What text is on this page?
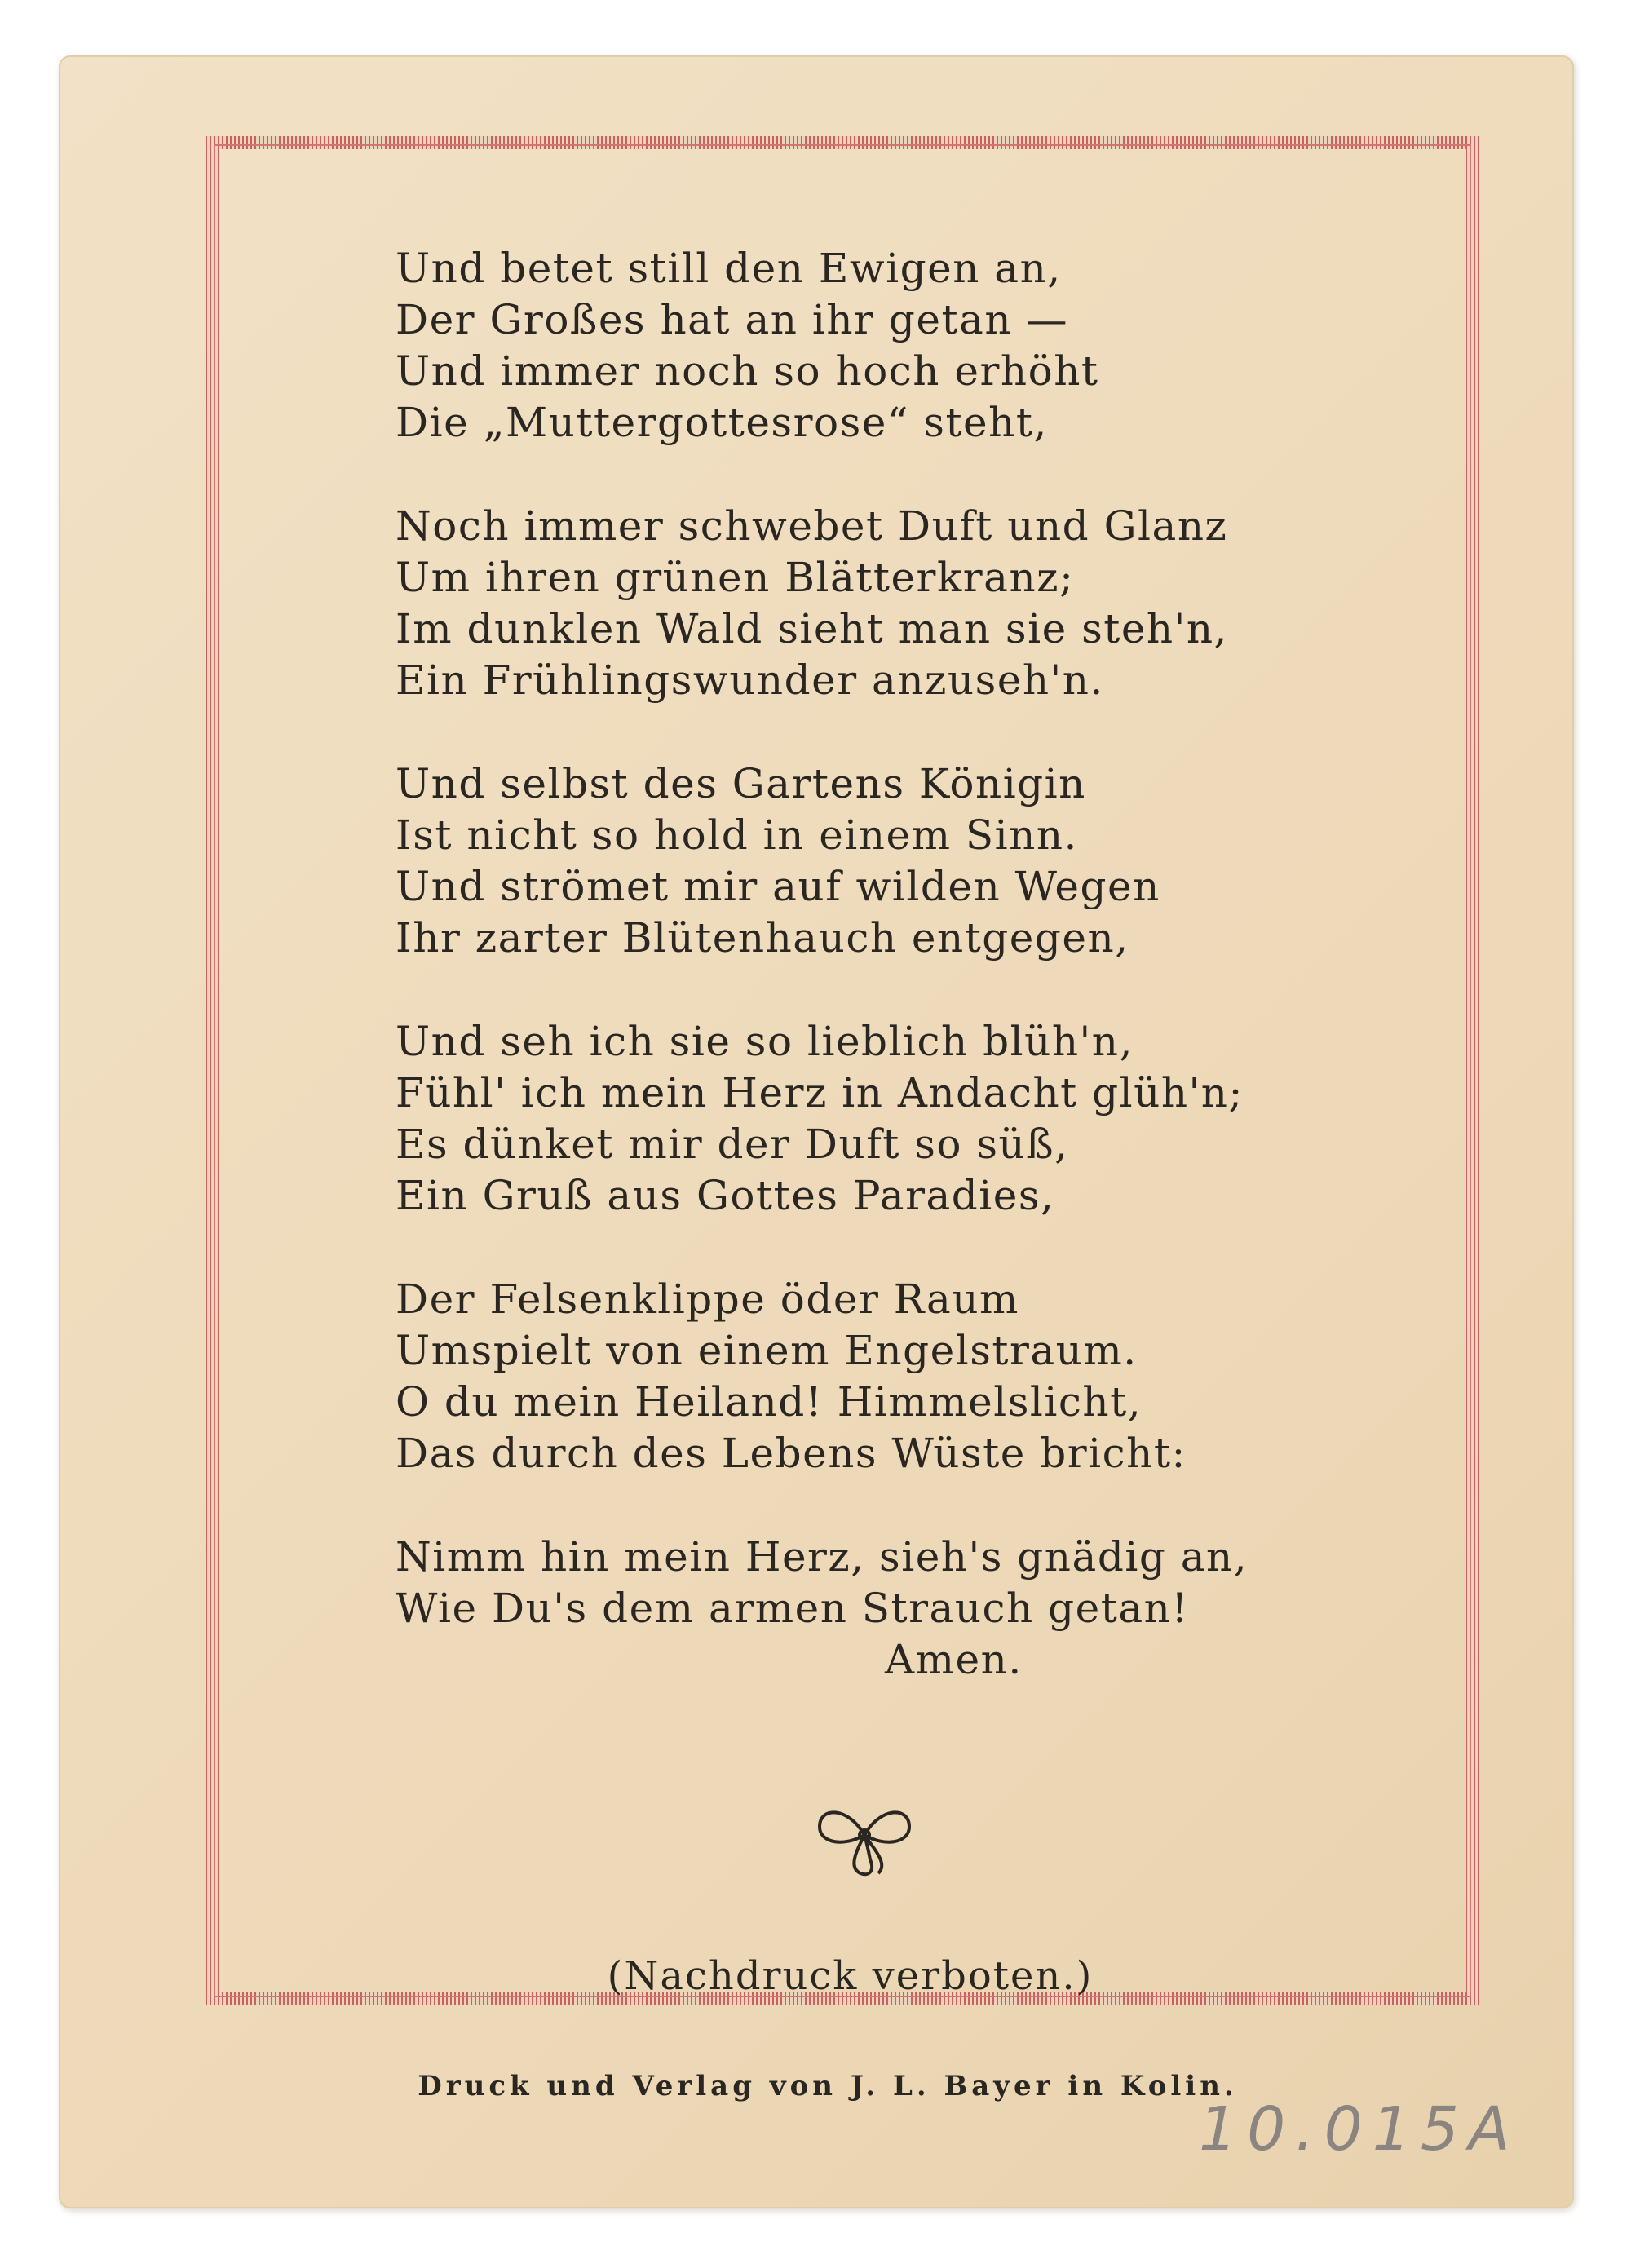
Und betet still den Ewigen an,
Der Großes hat an ihr getan —
Und immer noch so hoch erhöht
Die „Muttergottesrose“ steht,
Noch immer schwebet Duft und Glanz
Um ihren grünen Blätterkranz;
Im dunklen Wald sieht man sie steh'n,
Ein Frühlingswunder anzuseh'n.
Und selbst des Gartens Königin
Ist nicht so hold in einem Sinn.
Und strömet mir auf wilden Wegen
Ihr zarter Blütenhauch entgegen,
Und seh ich sie so lieblich blüh'n,
Fühl' ich mein Herz in Andacht glüh'n;
Es dünket mir der Duft so süß,
Ein Gruß aus Gottes Paradies,
Der Felsenklippe öder Raum
Umspielt von einem Engelstraum.
O du mein Heiland! Himmelslicht,
Das durch des Lebens Wüste bricht:
Nimm hin mein Herz, sieh's gnädig an,
Wie Du's dem armen Strauch getan!
Amen.
(Nachdruck verboten.)
Druck und Verlag von J. L. Bayer in Kolin.
10.015A
